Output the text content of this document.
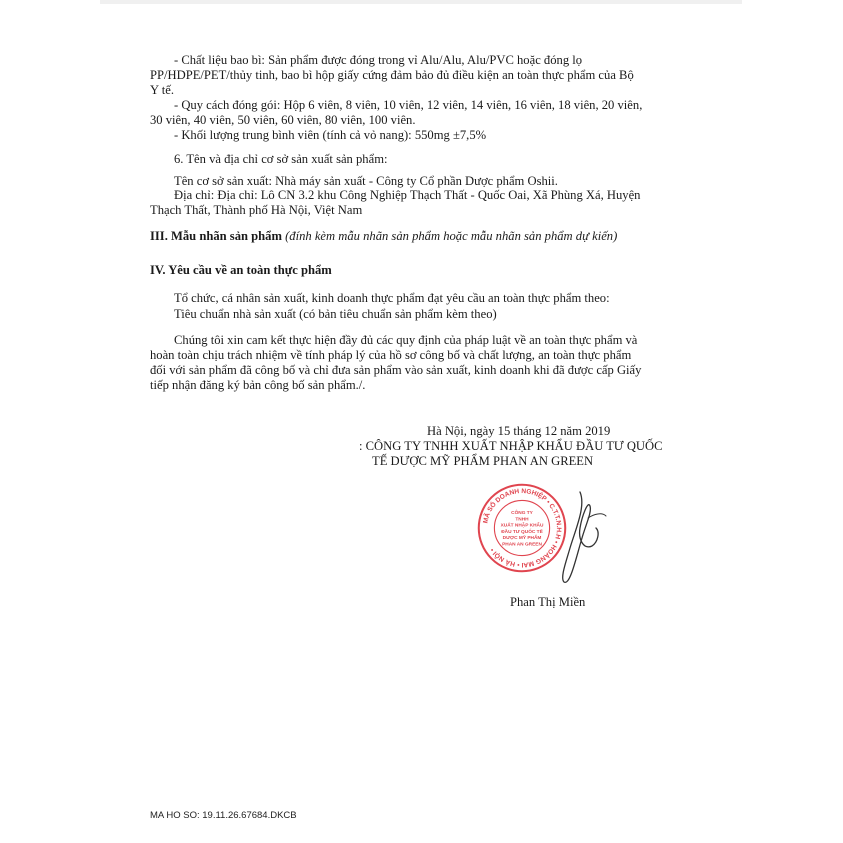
- Chất liệu bao bì: Sản phẩm được đóng trong vỉ Alu/Alu, Alu/PVC hoặc đóng lọ
PP/HDPE/PET/thủy tinh, bao bì hộp giấy cứng đảm bảo đủ điều kiện an toàn thực phẩm của Bộ
Y tế.
- Quy cách đóng gói: Hộp 6 viên, 8 viên, 10 viên, 12 viên, 14 viên, 16 viên, 18 viên, 20 viên,
30 viên, 40 viên, 50 viên, 60 viên, 80 viên, 100 viên.
- Khối lượng trung bình viên (tính cả vỏ nang): 550mg ±7,5%
6. Tên và địa chỉ cơ sở sản xuất sản phẩm:
Tên cơ sở sản xuất: Nhà máy sản xuất - Công ty Cổ phần Dược phẩm Oshii.
Địa chỉ: Địa chỉ: Lô CN 3.2 khu Công Nghiệp Thạch Thất - Quốc Oai, Xã Phùng Xá, Huyện
Thạch Thất, Thành phố Hà Nội, Việt Nam
III. Mẫu nhãn sản phẩm (đính kèm mẫu nhãn sản phẩm hoặc mẫu nhãn sản phẩm dự kiến)
IV. Yêu cầu về an toàn thực phẩm
Tổ chức, cá nhân sản xuất, kinh doanh thực phẩm đạt yêu cầu an toàn thực phẩm theo:
Tiêu chuẩn nhà sản xuất (có bản tiêu chuẩn sản phẩm kèm theo)
Chúng tôi xin cam kết thực hiện đầy đủ các quy định của pháp luật về an toàn thực phẩm và
hoàn toàn chịu trách nhiệm về tính pháp lý của hồ sơ công bố và chất lượng, an toàn thực phẩm
đối với sản phẩm đã công bố và chỉ đưa sản phẩm vào sản xuất, kinh doanh khi đã được cấp Giấy
tiếp nhận đăng ký bản công bố sản phẩm./.
Hà Nội, ngày 15 tháng 12 năm 2019
: CÔNG TY TNHH XUẤT NHẬP KHẨU ĐẦU TƯ QUỐC
TẾ DƯỢC MỸ PHẨM PHAN AN GREEN
MÃ SỐ DOANH NGHIỆP • C.T.T.N.H.H • HOÀNG MAI • HÀ NỘI •
CÔNG TY
TNHH
XUẤT NHẬP KHẨU
ĐẦU TƯ QUỐC TẾ
DƯỢC MỸ PHẨM
PHAN AN GREEN
Phan Thị Miền
MA HO SO: 19.11.26.67684.DKCB
